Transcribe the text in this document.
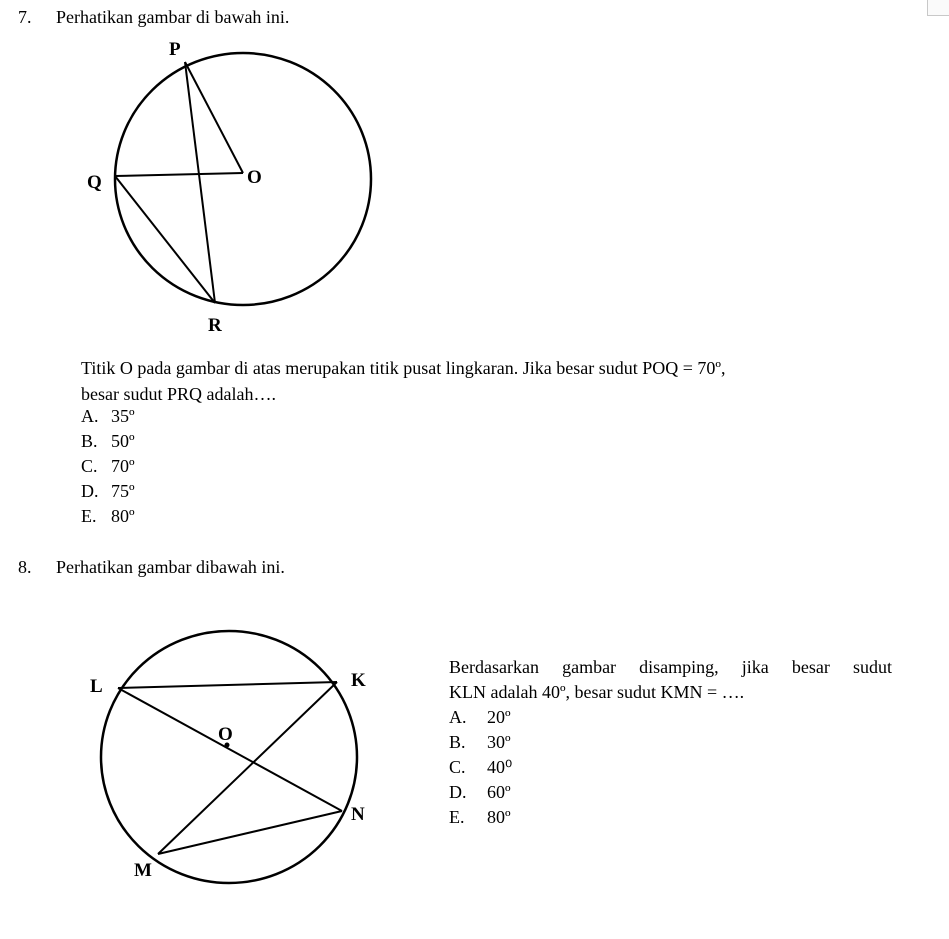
7. Perhatikan gambar di bawah ini.
P
O
Q
R
Titik O pada gambar di atas merupakan titik pusat lingkaran. Jika besar sudut POQ = 70º,
besar sudut PRQ adalah….
A. 35º
B. 50º
C. 70º
D. 75º
E. 80º
8. Perhatikan gambar dibawah ini.
L	K
O
N
M
Berdasarkan gambar disamping, jika besar sudut
KLN adalah 40º, besar sudut KMN = ….
A. 20º
B. 30º
C. 40⁰
D. 60º
E. 80º
